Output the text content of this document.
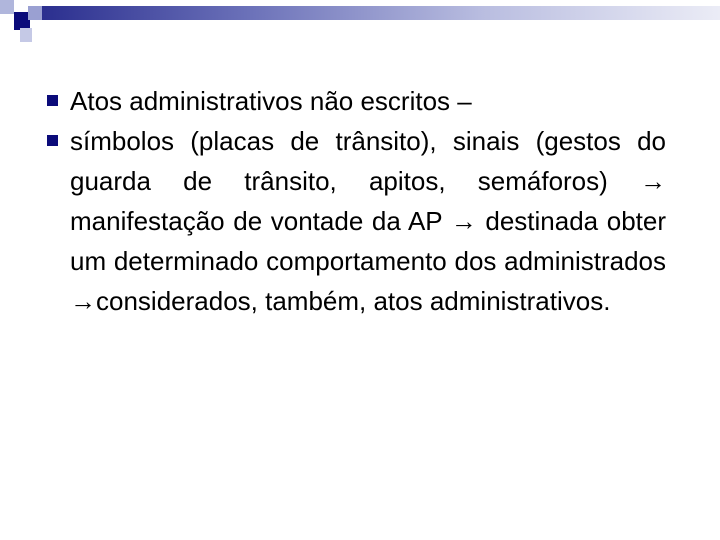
Atos administrativos não escritos –
símbolos (placas de trânsito), sinais (gestos do guarda de trânsito, apitos, semáforos) → manifestação de vontade da AP → destinada obter um determinado comportamento dos administrados →considerados, também, atos administrativos.
